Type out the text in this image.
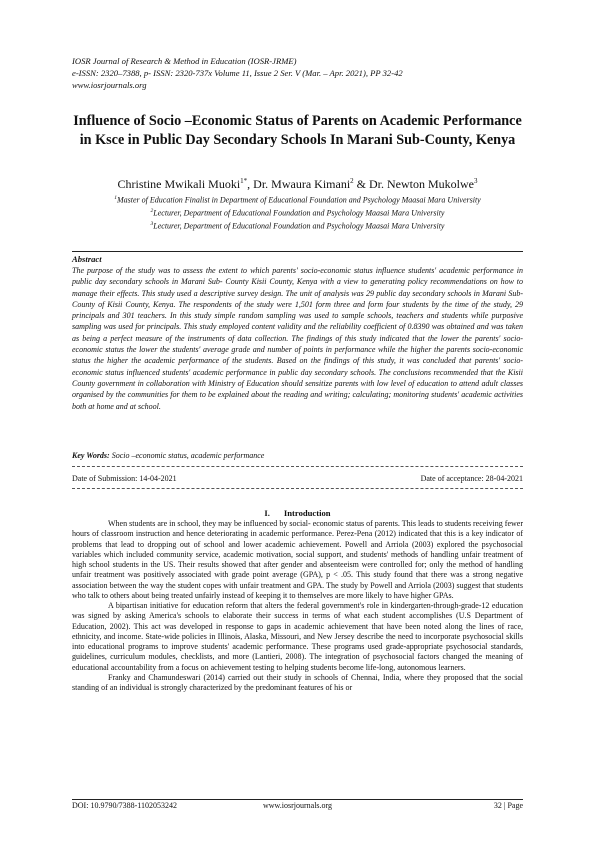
IOSR Journal of Research & Method in Education (IOSR-JRME)
e-ISSN: 2320–7388, p- ISSN: 2320-737x Volume 11, Issue 2 Ser. V (Mar. – Apr. 2021), PP 32-42
www.iosrjournals.org
Influence of Socio –Economic Status of Parents on Academic Performance in Ksce in Public Day Secondary Schools In Marani Sub-County, Kenya
Christine Mwikali Muoki$^{1*}$, Dr. Mwaura Kimani$^2$ & Dr. Newton Mukolwe$^3$
$^1$Master of Education Finalist in Department of Educational Foundation and Psychology Maasai Mara University
$^2$Lecturer, Department of Educational Foundation and Psychology Maasai Mara University
$^3$Lecturer, Department of Educational Foundation and Psychology Maasai Mara University
Abstract
The purpose of the study was to assess the extent to which parents' socio-economic status influence students' academic performance in public day secondary schools in Marani Sub- County Kisii County, Kenya with a view to generating policy recommendations on how to manage their effects. This study used a descriptive survey design. The unit of analysis was 29 public day secondary schools in Marani Sub- County of Kisii County, Kenya. The respondents of the study were 1,501 form three and form four students by the time of the study, 29 principals and 301 teachers. In this study simple random sampling was used to sample schools, teachers and students while purposive sampling was used for principals. This study employed content validity and the reliability coefficient of 0.8390 was obtained and was taken as being a perfect measure of the instruments of data collection. The findings of this study indicated that the lower the parents' socio-economic status the lower the students' average grade and number of points in performance while the higher the parents socio-economic status the higher the academic performance of the students. Based on the findings of this study, it was concluded that parents' socio-economic status influenced students' academic performance in public day secondary schools. The conclusions recommended that the Kisii County government in collaboration with Ministry of Education should sensitize parents with low level of education to attend adult classes organised by the communities for them to be explained about the reading and writing; calculating; monitoring students' academic activities both at home and at school.
Key Words: Socio –economic status, academic performance
Date of Submission: 14-04-2021	Date of acceptance: 28-04-2021
I. Introduction

When students are in school, they may be influenced by social- economic status of parents. This leads to students receiving fewer hours of classroom instruction and hence deteriorating in academic performance. Perez-Pena (2012) indicated that this is a key indicator of problems that lead to dropping out of school and lower academic achievement. Powell and Arriola (2003) explored the psychosocial variables which included community service, academic motivation, social support, and students' methods of handling unfair treatment of high school students in the US. Their results showed that after gender and absenteeism were controlled for; only the method of handling unfair treatment was positively associated with grade point average (GPA), p < .05. This study found that there was a strong negative association between the way the student copes with unfair treatment and GPA. The study by Powell and Arriola (2003) suggest that students who talk to others about being treated unfairly instead of keeping it to themselves are more likely to have higher GPAs.

A bipartisan initiative for education reform that alters the federal government's role in kindergarten-through-grade-12 education was signed by asking America's schools to elaborate their success in terms of what each student accomplishes (U.S Department of Education, 2002). This act was developed in response to gaps in academic achievement that have been noted along the lines of race, ethnicity, and income. State-wide policies in Illinois, Alaska, Missouri, and New Jersey describe the need to incorporate psychosocial skills into educational programs to improve students' academic performance. These programs used grade-appropriate psychosocial standards, guidelines, curriculum modules, checklists, and more (Lantieri, 2008). The integration of psychosocial factors changed the meaning of educational accountability from a focus on achievement testing to helping students become life-long, autonomous learners.

Franky and Chamundeswari (2014) carried out their study in schools of Chennai, India, where they proposed that the social standing of an individual is strongly characterized by the predominant features of his or

DOI: 10.9790/7388-1102053242	www.iosrjournals.org	32 | Page
